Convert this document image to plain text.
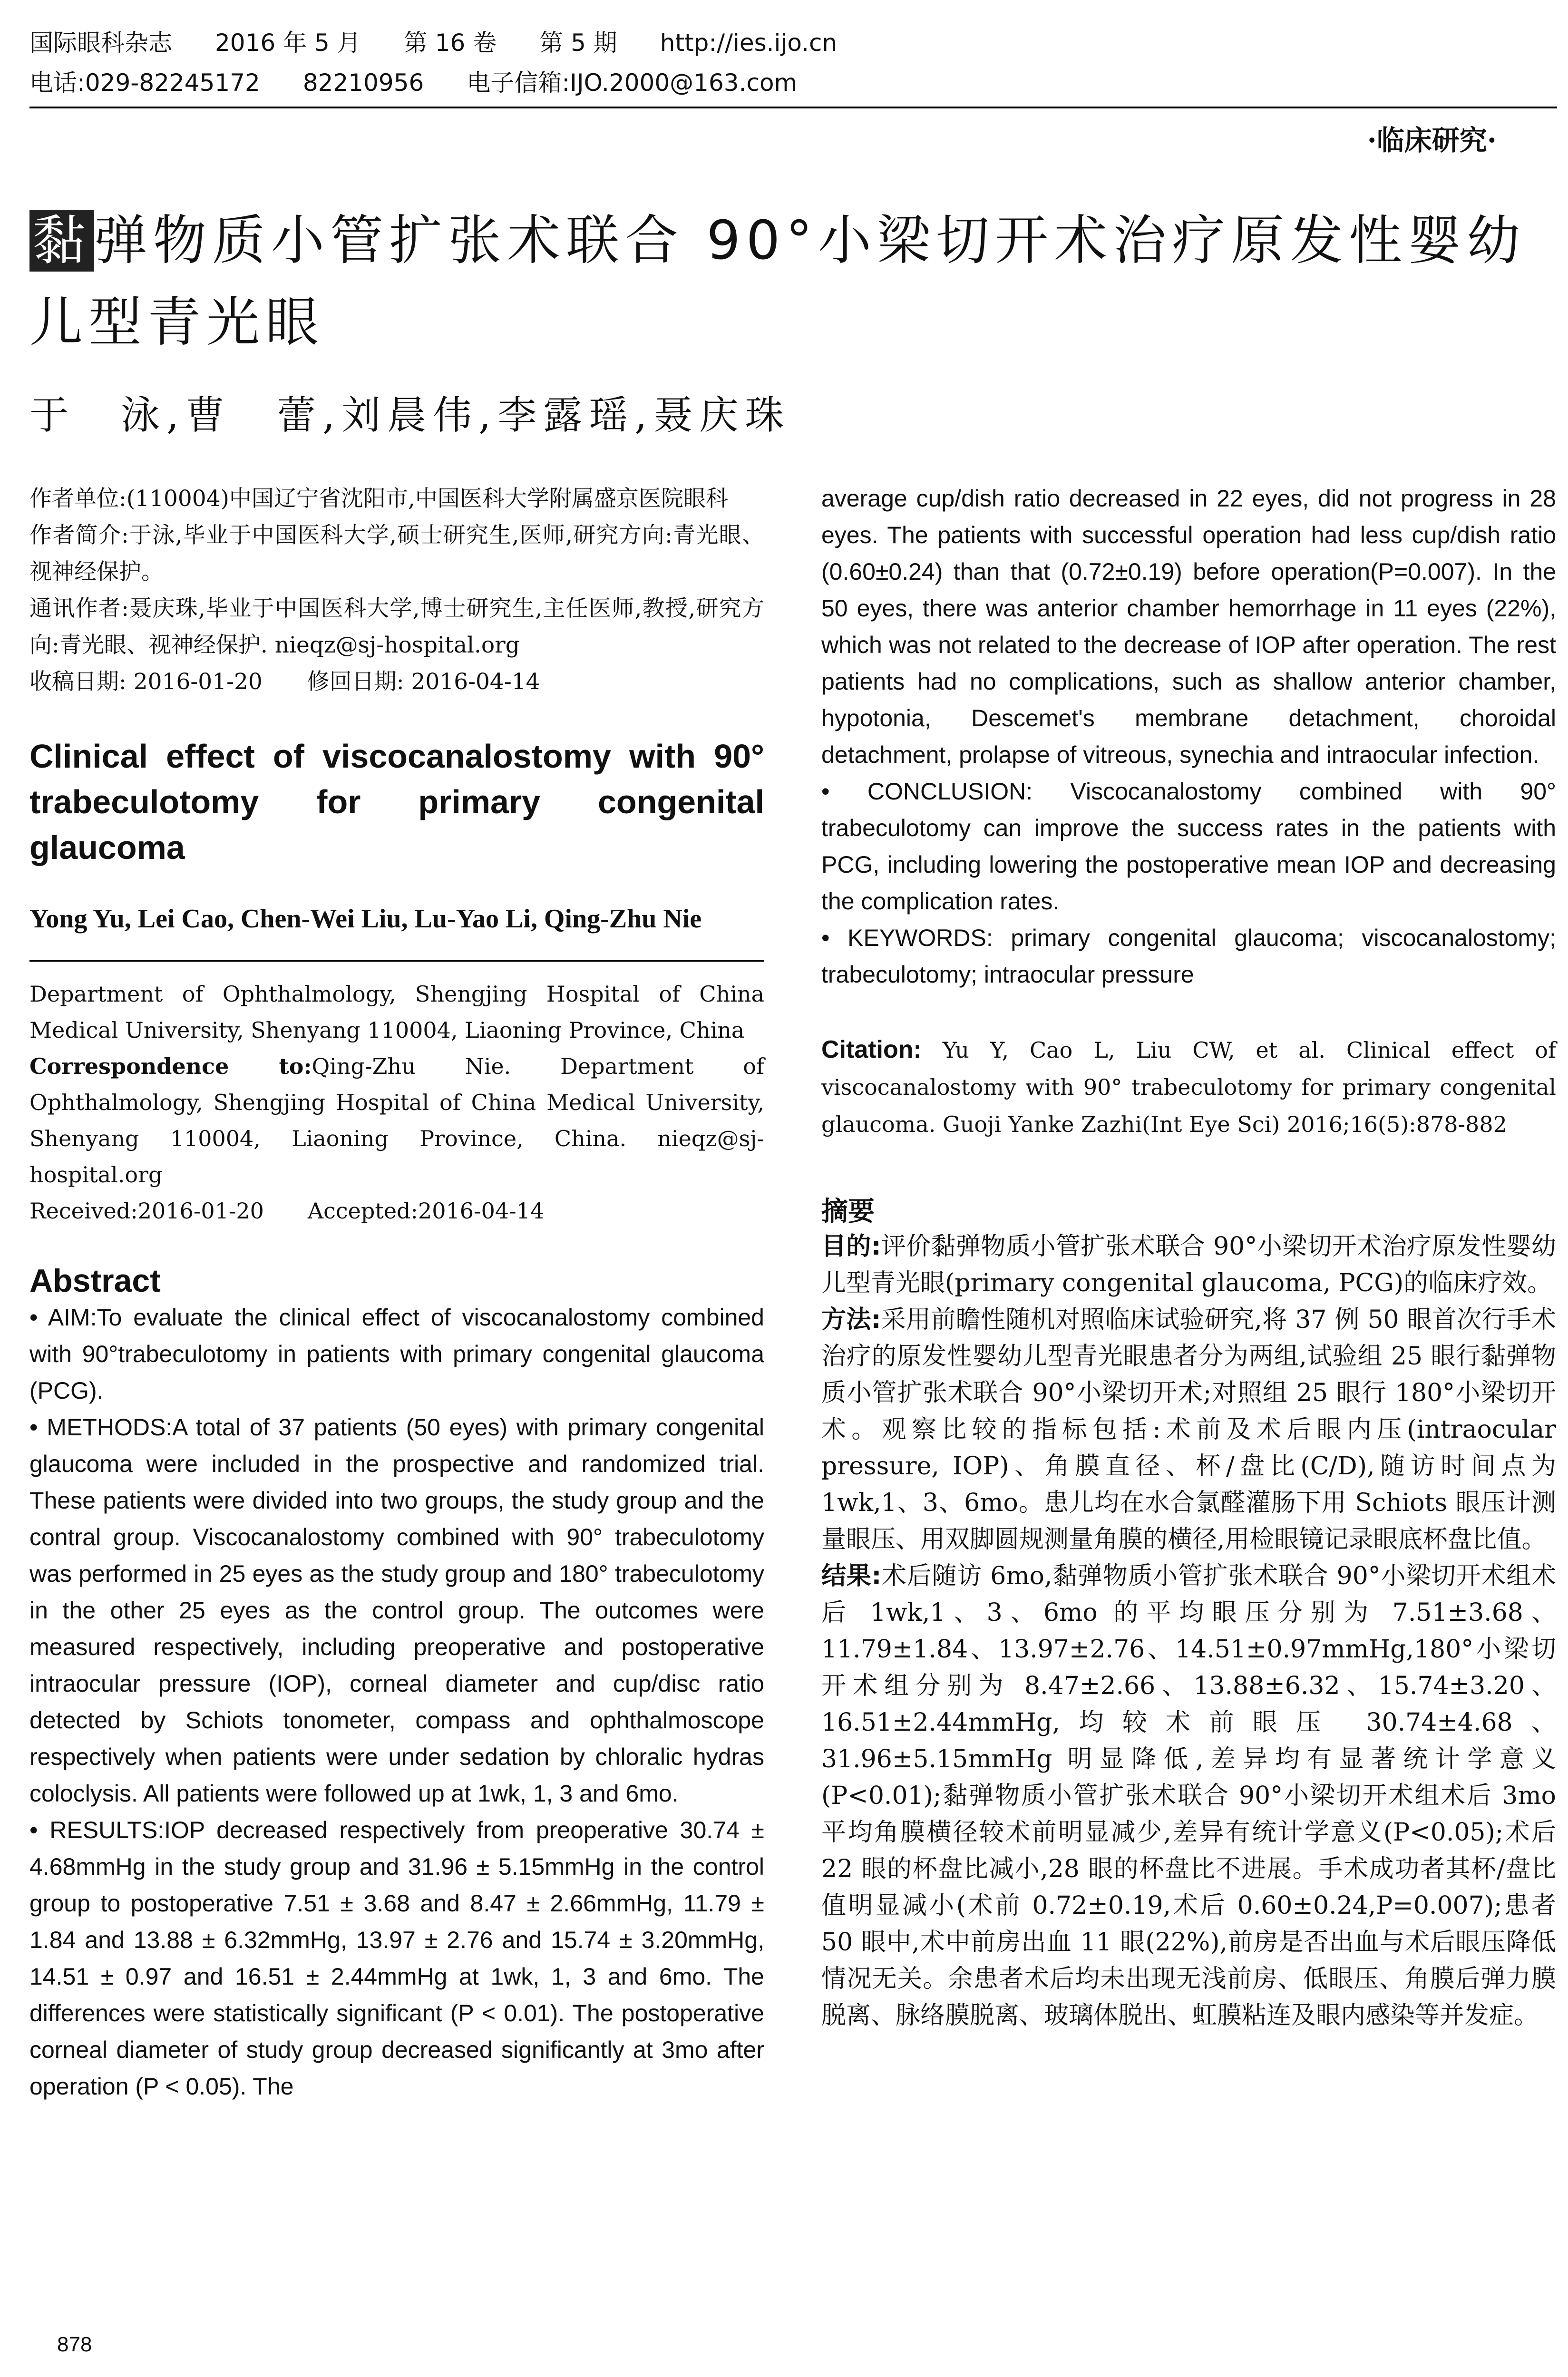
国际眼科杂志 2016 年 5 月 第 16 卷 第 5 期 http://ies.ijo.cn
电话:029-82245172 82210956 电子信箱:IJO.2000@163.com
·临床研究·
黏弹物质小管扩张术联合 90°小梁切开术治疗原发性婴幼儿型青光眼
于　泳,曹　蕾,刘晨伟,李露瑶,聂庆珠
作者单位:(110004)中国辽宁省沈阳市,中国医科大学附属盛京医院眼科
作者简介:于泳,毕业于中国医科大学,硕士研究生,医师,研究方向:青光眼、视神经保护。
通讯作者:聂庆珠,毕业于中国医科大学,博士研究生,主任医师,教授,研究方向:青光眼、视神经保护. nieqz@sj-hospital.org
收稿日期: 2016-01-20　　修回日期: 2016-04-14
Clinical effect of viscocanalostomy with 90° trabeculotomy for primary congenital glaucoma
Yong Yu, Lei Cao, Chen-Wei Liu, Lu-Yao Li, Qing-Zhu Nie
Department of Ophthalmology, Shengjing Hospital of China Medical University, Shenyang 110004, Liaoning Province, China
Correspondence to:Qing-Zhu Nie. Department of Ophthalmology, Shengjing Hospital of China Medical University, Shenyang 110004, Liaoning Province, China. nieqz@sj-hospital.org
Received:2016-01-20　　Accepted:2016-04-14
Abstract

• AIM:To evaluate the clinical effect of viscocanalostomy combined with 90°trabeculotomy in patients with primary congenital glaucoma (PCG).

• METHODS:A total of 37 patients (50 eyes) with primary congenital glaucoma were included in the prospective and randomized trial. These patients were divided into two groups, the study group and the contral group. Viscocanalostomy combined with 90° trabeculotomy was performed in 25 eyes as the study group and 180° trabeculotomy in the other 25 eyes as the control group. The outcomes were measured respectively, including preoperative and postoperative intraocular pressure (IOP), corneal diameter and cup/disc ratio detected by Schiots tonometer, compass and ophthalmoscope respectively when patients were under sedation by chloralic hydras coloclysis. All patients were followed up at 1wk, 1, 3 and 6mo.

• RESULTS:IOP decreased respectively from preoperative 30.74 ± 4.68mmHg in the study group and 31.96 ± 5.15mmHg in the control group to postoperative 7.51 ± 3.68 and 8.47 ± 2.66mmHg, 11.79 ± 1.84 and 13.88 ± 6.32mmHg, 13.97 ± 2.76 and 15.74 ± 3.20mmHg, 14.51 ± 0.97 and 16.51 ± 2.44mmHg at 1wk, 1, 3 and 6mo. The differences were statistically significant (P < 0.01). The postoperative corneal diameter of study group decreased significantly at 3mo after operation (P < 0.05). The

average cup/dish ratio decreased in 22 eyes, did not progress in 28 eyes. The patients with successful operation had less cup/dish ratio (0.60±0.24) than that (0.72±0.19) before operation(P=0.007). In the 50 eyes, there was anterior chamber hemorrhage in 11 eyes (22%), which was not related to the decrease of IOP after operation. The rest patients had no complications, such as shallow anterior chamber, hypotonia, Descemet's membrane detachment, choroidal detachment, prolapse of vitreous, synechia and intraocular infection.

• CONCLUSION: Viscocanalostomy combined with 90° trabeculotomy can improve the success rates in the patients with PCG, including lowering the postoperative mean IOP and decreasing the complication rates.

• KEYWORDS: primary congenital glaucoma; viscocanalostomy; trabeculotomy; intraocular pressure

Citation: Yu Y, Cao L, Liu CW, et al. Clinical effect of viscocanalostomy with 90° trabeculotomy for primary congenital glaucoma. Guoji Yanke Zazhi(Int Eye Sci) 2016;16(5):878-882
摘要

目的:评价黏弹物质小管扩张术联合 90°小梁切开术治疗原发性婴幼儿型青光眼(primary congenital glaucoma, PCG)的临床疗效。

方法:采用前瞻性随机对照临床试验研究,将 37 例 50 眼首次行手术治疗的原发性婴幼儿型青光眼患者分为两组,试验组 25 眼行黏弹物质小管扩张术联合 90°小梁切开术;对照组 25 眼行 180°小梁切开术。观察比较的指标包括:术前及术后眼内压(intraocular pressure, IOP)、角膜直径、杯/盘比(C/D),随访时间点为 1wk,1、3、6mo。患儿均在水合氯醛灌肠下用 Schiots 眼压计测量眼压、用双脚圆规测量角膜的横径,用检眼镜记录眼底杯盘比值。

结果:术后随访 6mo,黏弹物质小管扩张术联合 90°小梁切开术组术后 1wk,1、3、6mo 的平均眼压分别为 7.51±3.68、11.79±1.84、13.97±2.76、14.51±0.97mmHg,180°小梁切开术组分别为 8.47±2.66、13.88±6.32、15.74±3.20、16.51±2.44mmHg,均较术前眼压 30.74±4.68、31.96±5.15mmHg 明显降低,差异均有显著统计学意义(P<0.01);黏弹物质小管扩张术联合 90°小梁切开术组术后 3mo 平均角膜横径较术前明显减少,差异有统计学意义(P<0.05);术后 22 眼的杯盘比减小,28 眼的杯盘比不进展。手术成功者其杯/盘比值明显减小(术前 0.72±0.19,术后 0.60±0.24,P=0.007);患者 50 眼中,术中前房出血 11 眼(22%),前房是否出血与术后眼压降低情况无关。余患者术后均未出现无浅前房、低眼压、角膜后弹力膜脱离、脉络膜脱离、玻璃体脱出、虹膜粘连及眼内感染等并发症。

878
